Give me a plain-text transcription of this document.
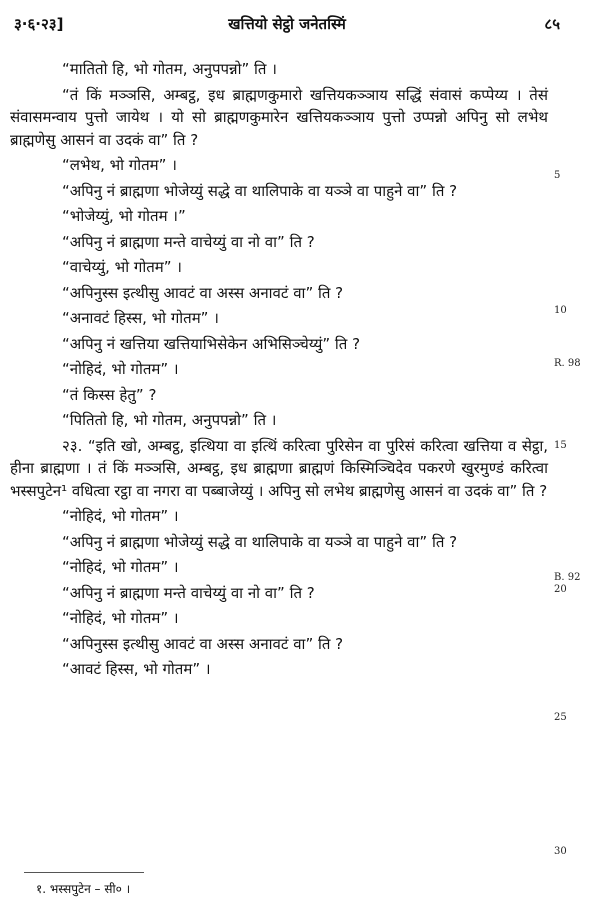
३·६·२३]	खत्तियो सेट्ठो जनेतस्मिं	८५

“मातितो हि, भो गोतम, अनुपपन्नो” ति ।

“तं किं मञ्ञसि, अम्बट्ठ, इध ब्राह्मणकुमारो खत्तियकञ्ञाय सद्धिं संवासं कप्पेय्य । तेसं संवासमन्वाय पुत्तो जायेथ । यो सो ब्राह्मणकुमारेन खत्तियकञ्ञाय पुत्तो उप्पन्नो अपिनु सो लभेथ ब्राह्मणेसु आसनं वा उदकं वा” ति ?

“लभेथ, भो गोतम” ।

“अपिनु नं ब्राह्मणा भोजेय्युं सद्धे वा थालिपाके वा यञ्ञे वा पाहुने वा” ति ?

“भोजेय्युं, भो गोतम ।”

“अपिनु नं ब्राह्मणा मन्ते वाचेय्युं वा नो वा” ति ?

“वाचेय्युं, भो गोतम” ।

“अपिनुस्स इत्थीसु आवटं वा अस्स अनावटं वा” ति ?

“अनावटं हिस्स, भो गोतम” ।

“अपिनु नं खत्तिया खत्तियाभिसेकेन अभिसिञ्चेय्युं” ति ?

“नोहिदं, भो गोतम” ।

“तं किस्स हेतु” ?

“पितितो हि, भो गोतम, अनुपपन्नो” ति ।

२३. “इति खो, अम्बट्ठ, इत्थिया वा इत्थिं करित्वा पुरिसेन वा पुरिसं करित्वा खत्तिया व सेट्ठा, हीना ब्राह्मणा । तं किं मञ्ञसि, अम्बट्ठ, इध ब्राह्मणा ब्राह्मणं किस्मिञ्चिदेव पकरणे खुरमुण्डं करित्वा भस्सपुटेन¹ वधित्वा रट्ठा वा नगरा वा पब्बाजेय्युं । अपिनु सो लभेथ ब्राह्मणेसु आसनं वा उदकं वा” ति ?

“नोहिदं, भो गोतम” ।

“अपिनु नं ब्राह्मणा भोजेय्युं सद्धे वा थालिपाके वा यञ्ञे वा पाहुने वा” ति ?

“नोहिदं, भो गोतम” ।

“अपिनु नं ब्राह्मणा मन्ते वाचेय्युं वा नो वा” ति ?

“नोहिदं, भो गोतम” ।

“अपिनुस्स इत्थीसु आवटं वा अस्स अनावटं वा” ति ?

“आवटं हिस्स, भो गोतम” ।

5
10
R. 98
15
B. 92
20
25
30
१. भस्सपुटेन – सी० ।
